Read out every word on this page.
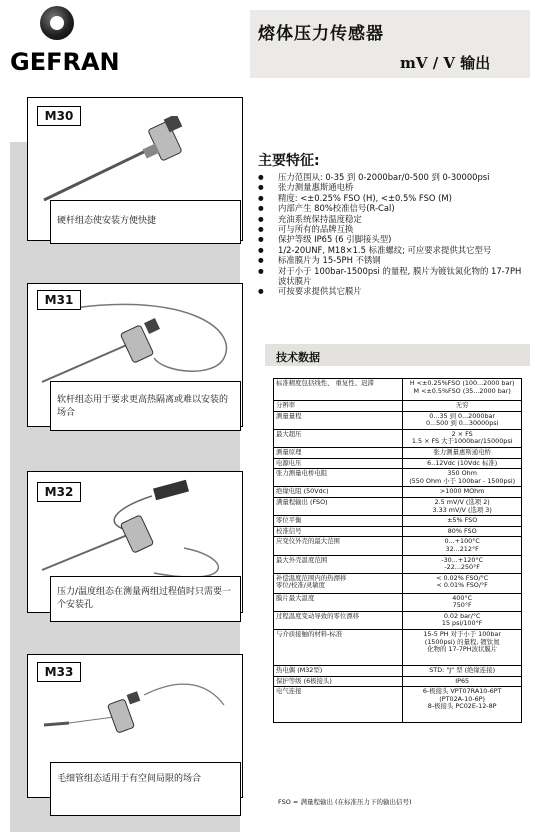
GEFRAN
熔体压力传感器
mV / V 输出
M30
硬杆组态使安装方便快捷
M31
软杆组态用于要求更高热隔离或难以安装的场合
M32
压力/温度组态在测量两组过程值时只需要一个安装孔
M33
毛细管组态适用于有空间局限的场合
主要特征:
● 压力范围从: 0-35 到 0-2000bar/0-500 到 0-30000psi
● 张力测量惠斯通电桥
● 精度: <±0.25% FSO (H), <±0.5% FSO (M)
● 内部产生 80%校准信号(R-Cal)
● 充油系统保持温度稳定
● 可与所有的品牌互换
● 保护等级 IP65 (6 引脚接头型)
● 1/2-20UNF, M18×1.5 标准螺纹; 可应要求提供其它型号
● 标准膜片为 15-5PH 不锈钢
● 对于小于 100bar-1500psi 的量程, 膜片为镀钛氮化物的 17-7PH 波状膜片
● 可按要求提供其它膜片
技术数据
标准精度包括线性、 重复性、迟滞	H <±0.25%FSO (100...2000 bar)
M <±0.5%FSO (35...2000 bar)
分辨率	无穷
测量量程	0...35 到 0...2000bar
0...500 到 0...30000psi
最大超压	2 × FS
1.5 × FS 大于1000bar/15000psi
测量原理	张力测量惠斯通电桥
电源电压	6..12Vdc (10Vdc 标准)
张力测量电桥电阻	350 Ohm
(550 Ohm 小于 100bar - 1500psi)
绝缘电阻 (50Vdc)	>1000 MOhm
满量程输出 (FSO)	2.5 mV/V (选项 2)
3.33 mV/V (选项 3)
零位平衡	±5% FSO
校准信号	80% FSO
应变仪外壳的最大范围	0...+100°C
32...212°F
最大外壳温度范围	-30...+120°C
-22...250°F
补偿温度范围内的热漂移
零位/校准/灵敏度	< 0.02% FSO/°C
< 0.01% FSO/°F
膜片最大温度	400°C
750°F
过程温度变动导致的零位漂移	0.02 bar/°C
15 psi/100°F
与介质接触的材料-标准	15-5 PH 对于小于 100bar
(1500psi) 的量程, 镀钛氮
化物的 17-7PH波状膜片
热电偶 (M32型)	STD: "J" 型 (绝缘连接)
保护等级 (6极接头)	IP65
电气连接	6-极接头 VPT07RA10-6PT
(PT02A-10-6P)
8-极接头 PC02E-12-8P
FSO = 满量程输出 (在标准压力下的输出信号)
